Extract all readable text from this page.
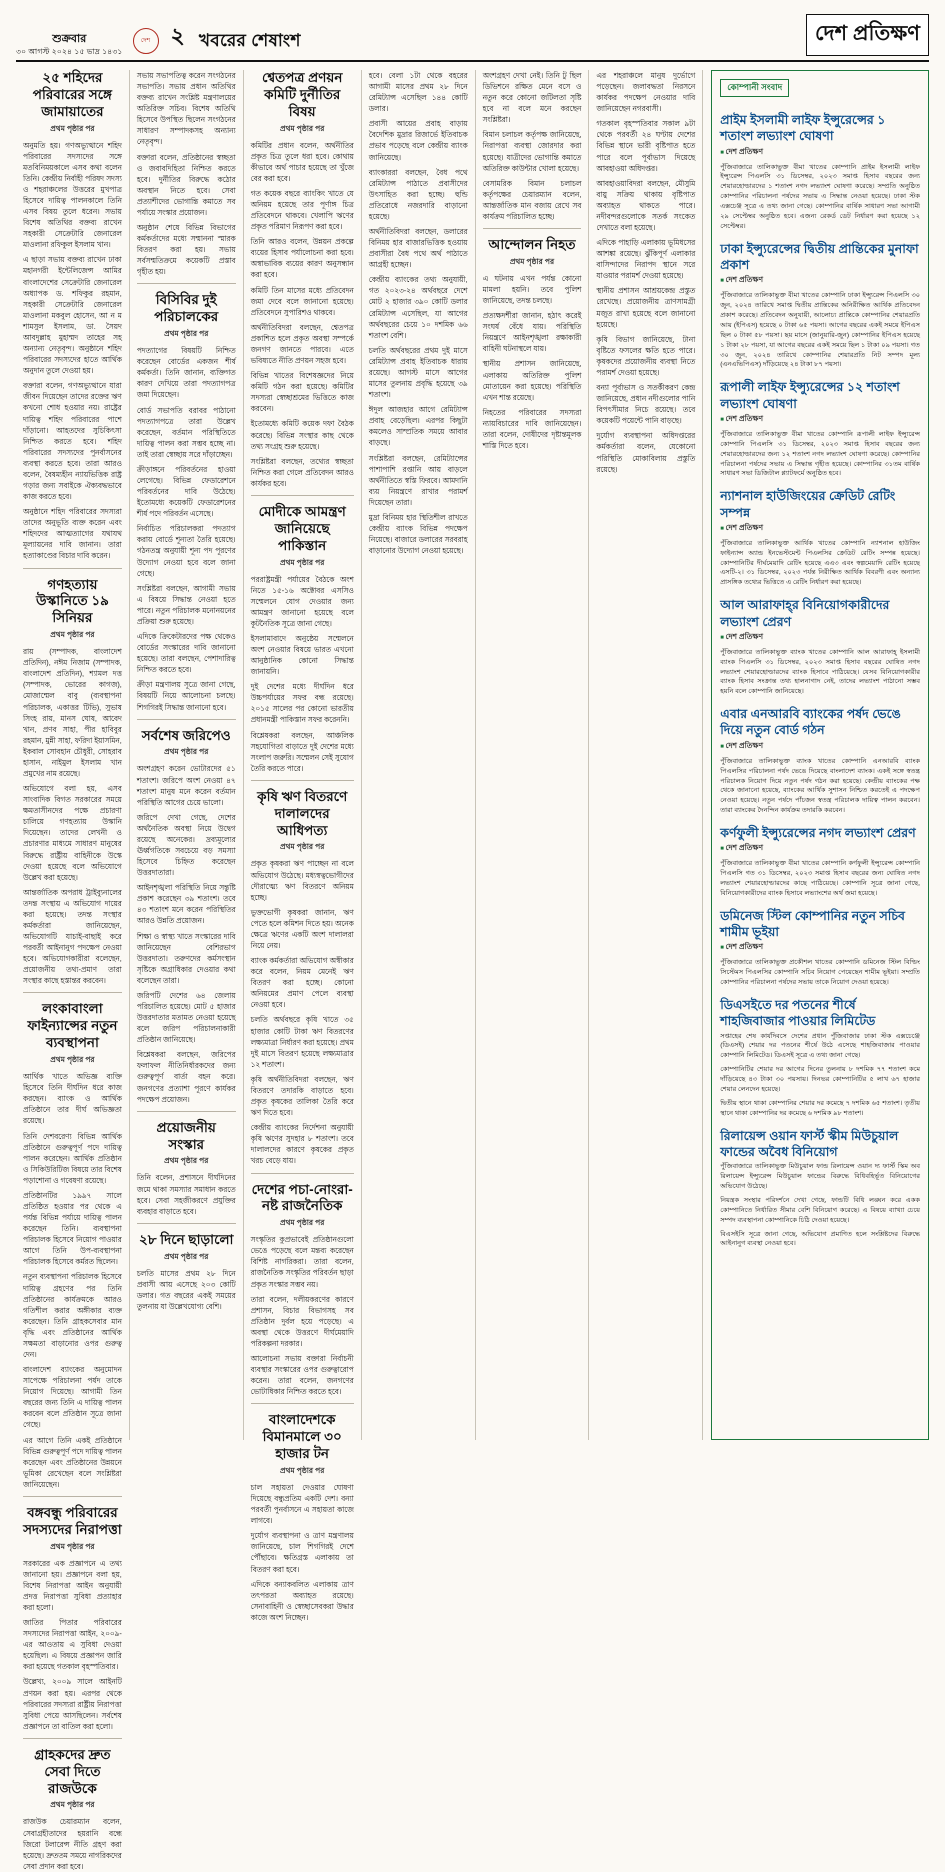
শুক্রবার
৩০ আগস্ট ২০২৪ ১৫ ভাদ্র ১৪৩১
দেশ ২ খবরের শেষাংশ	দেশ প্রতিক্ষণ
২৫ শহিদের পরিবারের সঙ্গে জামায়াতের
প্রথম পৃষ্ঠার পর

অনুমতি হয়। গণঅভ্যুত্থানে শহিদ পরিবারের সদস্যদের সঙ্গে মতবিনিময়কালে এসব কথা বলেন তিনি। কেন্দ্রীয় নির্বাহী পরিষদ সদস্য ও শহরাঞ্চলের উত্তরের মুখপাত্র হিসেবে দায়িত্ব পালনকালে তিনি এসব বিষয় তুলে ধরেন। সভায় বিশেষ অতিথির বক্তব্য রাখেন সহকারী সেক্রেটারি জেনারেল মাওলানা রফিকুল ইসলাম খান।

এ ছাড়া সভায় বক্তব্য রাখেন ঢাকা মহানগরী ইন্টেলিজেন্স আমির বাংলাদেশের সেক্রেটারি জেনারেল অধ্যাপক ড. শফিকুর রহমান, সহকারী সেক্রেটারি জেনারেল মাওলানা মকবুল হোসেন, আ ন ম শামসুল ইসলাম, ডা. সৈয়দ আবদুল্লাহ মুহাম্মদ তাহের সহ অন্যান্য নেতৃবৃন্দ। অনুষ্ঠানে শহিদ পরিবারের সদস্যদের হাতে আর্থিক অনুদান তুলে দেওয়া হয়।

বক্তারা বলেন, গণঅভ্যুত্থানে যারা জীবন দিয়েছেন তাদের রক্তের ঋণ কখনো শোধ হওয়ার নয়। রাষ্ট্রের দায়িত্ব শহিদ পরিবারের পাশে দাঁড়ানো। আহতদের সুচিকিৎসা নিশ্চিত করতে হবে। শহিদ পরিবারের সদস্যদের পুনর্বাসনের ব্যবস্থা করতে হবে। তারা আরও বলেন, বৈষম্যহীন ন্যায়ভিত্তিক রাষ্ট্র গড়ার জন্য সবাইকে ঐক্যবদ্ধভাবে কাজ করতে হবে।

অনুষ্ঠানে শহিদ পরিবারের সদস্যরা তাদের অনুভূতি ব্যক্ত করেন এবং শহিদদের আত্মত্যাগের যথাযথ মূল্যায়নের দাবি জানান। তারা হত্যাকাণ্ডের বিচার দাবি করেন।

গণহত্যায় উস্কানিতে ১৯ সিনিয়র
প্রথম পৃষ্ঠার পর

রায় (সম্পাদক, বাংলাদেশ প্রতিদিন), নঈম নিজাম (সম্পাদক, বাংলাদেশ প্রতিদিন), শ্যামল দত্ত (সম্পাদক, ভোরের কাগজ), মোজাম্মেল বাবু (ব্যবস্থাপনা পরিচালক, একাত্তর টিভি), সুভাষ সিংহ রায়, মানস ঘোষ, আবেদ খান, প্রণব সাহা, পীর হাবিবুর রহমান, মুন্নী সাহা, ফরিদা ইয়াসমিন, ইকবাল সোবহান চৌধুরী, সোহরাব হাসান, নাইমুল ইসলাম খান প্রমুখের নাম রয়েছে।

অভিযোগে বলা হয়, এসব সাংবাদিক বিগত সরকারের সময়ে ক্ষমতাসীনদের পক্ষে প্রচারণা চালিয়ে গণহত্যায় উস্কানি দিয়েছেন। তাদের লেখনী ও প্রচারণার মাধ্যমে সাধারণ মানুষের বিরুদ্ধে রাষ্ট্রীয় বাহিনীকে উস্কে দেওয়া হয়েছে বলে অভিযোগে উল্লেখ করা হয়েছে।

আন্তর্জাতিক অপরাধ ট্রাইব্যুনালের তদন্ত সংস্থায় এ অভিযোগ দায়ের করা হয়েছে। তদন্ত সংস্থার কর্মকর্তারা জানিয়েছেন, অভিযোগটি যাচাই-বাছাই করে পরবর্তী আইনানুগ পদক্ষেপ নেওয়া হবে। অভিযোগকারীরা বলেছেন, প্রয়োজনীয় তথ্য-প্রমাণ তারা সংস্থার কাছে হস্তান্তর করবেন।

লংকাবাংলা ফাইন্যান্সের নতুন ব্যবস্থাপনা
প্রথম পৃষ্ঠার পর

আর্থিক খাতে অভিজ্ঞ ব্যক্তি হিসেবে তিনি দীর্ঘদিন ধরে কাজ করছেন। ব্যাংক ও আর্থিক প্রতিষ্ঠানে তার দীর্ঘ অভিজ্ঞতা রয়েছে।

তিনি দেশবরেণ্য বিভিন্ন আর্থিক প্রতিষ্ঠানে গুরুত্বপূর্ণ পদে দায়িত্ব পালন করেছেন। আর্থিক প্রতিষ্ঠান ও সিকিউরিটিজ বিষয়ে তার বিশেষ পড়াশোনা ও গবেষণা রয়েছে।

প্রতিষ্ঠানটির ১৯৯৭ সালে প্রতিষ্ঠিত হওয়ার পর থেকে এ পর্যন্ত বিভিন্ন পর্যায়ে দায়িত্ব পালন করেছেন তিনি। ব্যবস্থাপনা পরিচালক হিসেবে নিয়োগ পাওয়ার আগে তিনি উপ-ব্যবস্থাপনা পরিচালক হিসেবে কর্মরত ছিলেন।

নতুন ব্যবস্থাপনা পরিচালক হিসেবে দায়িত্ব গ্রহণের পর তিনি প্রতিষ্ঠানের কার্যক্রমকে আরও গতিশীল করার অঙ্গীকার ব্যক্ত করেছেন। তিনি গ্রাহকসেবার মান বৃদ্ধি এবং প্রতিষ্ঠানের আর্থিক সক্ষমতা বাড়ানোর ওপর গুরুত্ব দেন।

বাংলাদেশ ব্যাংকের অনুমোদন সাপেক্ষে পরিচালনা পর্ষদ তাকে নিয়োগ দিয়েছে। আগামী তিন বছরের জন্য তিনি এ দায়িত্ব পালন করবেন বলে প্রতিষ্ঠান সূত্রে জানা গেছে।

এর আগে তিনি একই প্রতিষ্ঠানে বিভিন্ন গুরুত্বপূর্ণ পদে দায়িত্ব পালন করেছেন এবং প্রতিষ্ঠানের উন্নয়নে ভূমিকা রেখেছেন বলে সংশ্লিষ্টরা জানিয়েছেন।

বঙ্গবন্ধু পরিবারের সদস্যদের নিরাপত্তা
প্রথম পৃষ্ঠার পর

সরকারের এক প্রজ্ঞাপনে এ তথ্য জানানো হয়। প্রজ্ঞাপনে বলা হয়, বিশেষ নিরাপত্তা আইন অনুযায়ী প্রদত্ত নিরাপত্তা সুবিধা প্রত্যাহার করা হলো।

জাতির পিতার পরিবারের সদস্যদের নিরাপত্তা আইন, ২০০৯-এর আওতায় এ সুবিধা দেওয়া হয়েছিল। এ বিষয়ে প্রজ্ঞাপন জারি করা হয়েছে গতকাল বৃহস্পতিবার।

উল্লেখ্য, ২০০৯ সালে আইনটি প্রণয়ন করা হয়। এরপর থেকে পরিবারের সদস্যরা রাষ্ট্রীয় নিরাপত্তা সুবিধা পেয়ে আসছিলেন। সর্বশেষ প্রজ্ঞাপনে তা বাতিল করা হলো।

গ্রাহকদের দ্রুত সেবা দিতে রাজউকে
প্রথম পৃষ্ঠার পর

রাজউক চেয়ারম্যান বলেন, সেবাগ্রহীতাদের হয়রানি বন্ধে জিরো টলারেন্স নীতি গ্রহণ করা হয়েছে। দ্রুততম সময়ে নাগরিকদের সেবা প্রদান করা হবে।

সভায় সভাপতিত্ব করেন সংগঠনের সভাপতি। সভায় প্রধান অতিথির বক্তব্য রাখেন সংশ্লিষ্ট মন্ত্রণালয়ের অতিরিক্ত সচিব। বিশেষ অতিথি হিসেবে উপস্থিত ছিলেন সংগঠনের সাধারণ সম্পাদকসহ অন্যান্য নেতৃবৃন্দ।

বক্তারা বলেন, প্রতিষ্ঠানের স্বচ্ছতা ও জবাবদিহিতা নিশ্চিত করতে হবে। দুর্নীতির বিরুদ্ধে কঠোর অবস্থান নিতে হবে। সেবা প্রত্যাশীদের ভোগান্তি কমাতে সব পর্যায়ে সংস্কার প্রয়োজন।

অনুষ্ঠান শেষে বিভিন্ন বিভাগের কর্মকর্তাদের মধ্যে সম্মাননা স্মারক বিতরণ করা হয়। সভায় সর্বসম্মতিক্রমে কয়েকটি প্রস্তাব গৃহীত হয়।

বিসিবির দুই পরিচালকের
প্রথম পৃষ্ঠার পর

পদত্যাগের বিষয়টি নিশ্চিত করেছেন বোর্ডের একজন শীর্ষ কর্মকর্তা। তিনি জানান, ব্যক্তিগত কারণ দেখিয়ে তারা পদত্যাগপত্র জমা দিয়েছেন।

বোর্ড সভাপতি বরাবর পাঠানো পদত্যাগপত্রে তারা উল্লেখ করেছেন, বর্তমান পরিস্থিতিতে দায়িত্ব পালন করা সম্ভব হচ্ছে না। তাই তারা স্বেচ্ছায় সরে দাঁড়াচ্ছেন।

ক্রীড়াঙ্গনে পরিবর্তনের হাওয়া লেগেছে। বিভিন্ন ফেডারেশনে পরিবর্তনের দাবি উঠেছে। ইতোমধ্যে কয়েকটি ফেডারেশনের শীর্ষ পদে পরিবর্তন এসেছে।

নির্বাচিত পরিচালকরা পদত্যাগ করায় বোর্ডে শূন্যতা তৈরি হয়েছে। গঠনতন্ত্র অনুযায়ী শূন্য পদ পূরণের উদ্যোগ নেওয়া হবে বলে জানা গেছে।

সংশ্লিষ্টরা বলছেন, আগামী সভায় এ বিষয়ে সিদ্ধান্ত নেওয়া হতে পারে। নতুন পরিচালক মনোনয়নের প্রক্রিয়া শুরু হয়েছে।

এদিকে ক্রিকেটারদের পক্ষ থেকেও বোর্ডের সংস্কারের দাবি জানানো হয়েছে। তারা বলছেন, পেশাদারিত্ব নিশ্চিত করতে হবে।

ক্রীড়া মন্ত্রণালয় সূত্রে জানা গেছে, বিষয়টি নিয়ে আলোচনা চলছে। শিগগিরই সিদ্ধান্ত জানানো হবে।

সর্বশেষ জরিপেও
প্রথম পৃষ্ঠার পর

অংশগ্রহণ করেন ভোটারদের ৫১ শতাংশ। জরিপে অংশ নেওয়া ৪৭ শতাংশ মানুষ মনে করেন বর্তমান পরিস্থিতি আগের চেয়ে ভালো।

জরিপে দেখা গেছে, দেশের অর্থনৈতিক অবস্থা নিয়ে উদ্বেগ রয়েছে অনেকের। দ্রব্যমূল্যের ঊর্ধ্বগতিকে সবচেয়ে বড় সমস্যা হিসেবে চিহ্নিত করেছেন উত্তরদাতারা।

আইনশৃঙ্খলা পরিস্থিতি নিয়ে সন্তুষ্টি প্রকাশ করেছেন ৩৯ শতাংশ। তবে ৪৩ শতাংশ মনে করেন পরিস্থিতির আরও উন্নতি প্রয়োজন।

শিক্ষা ও স্বাস্থ্য খাতে সংস্কারের দাবি জানিয়েছেন বেশিরভাগ উত্তরদাতা। তরুণদের কর্মসংস্থান সৃষ্টিকে অগ্রাধিকার দেওয়ার কথা বলেছেন তারা।

জরিপটি দেশের ৬৪ জেলায় পরিচালিত হয়েছে। মোট ৫ হাজার উত্তরদাতার মতামত নেওয়া হয়েছে বলে জরিপ পরিচালনাকারী প্রতিষ্ঠান জানিয়েছে।

বিশ্লেষকরা বলছেন, জরিপের ফলাফল নীতিনির্ধারকদের জন্য গুরুত্বপূর্ণ বার্তা বহন করে। জনগণের প্রত্যাশা পূরণে কার্যকর পদক্ষেপ প্রয়োজন।

প্রয়োজনীয় সংস্কার
প্রথম পৃষ্ঠার পর

তিনি বলেন, প্রশাসনে দীর্ঘদিনের জমে থাকা সমস্যার সমাধান করতে হবে। সেবা সহজীকরণে প্রযুক্তির ব্যবহার বাড়াতে হবে।

২৮ দিনে ছাড়ালো
প্রথম পৃষ্ঠার পর

চলতি মাসের প্রথম ২৮ দিনে প্রবাসী আয় এসেছে ২০৩ কোটি ডলার। গত বছরের একই সময়ের তুলনায় যা উল্লেখযোগ্য বেশি।

শ্বেতপত্র প্রণয়ন কমিটি দুর্নীতির বিষয়
প্রথম পৃষ্ঠার পর

কমিটির প্রধান বলেন, অর্থনীতির প্রকৃত চিত্র তুলে ধরা হবে। কোথায় কীভাবে অর্থ পাচার হয়েছে তা খুঁজে বের করা হবে।

গত কয়েক বছরে ব্যাংকিং খাতে যে অনিয়ম হয়েছে তার পূর্ণাঙ্গ চিত্র প্রতিবেদনে থাকবে। খেলাপি ঋণের প্রকৃত পরিমাণ নিরূপণ করা হবে।

তিনি আরও বলেন, উন্নয়ন প্রকল্পে ব্যয়ের হিসাব পর্যালোচনা করা হবে। অস্বাভাবিক ব্যয়ের কারণ অনুসন্ধান করা হবে।

কমিটি তিন মাসের মধ্যে প্রতিবেদন জমা দেবে বলে জানানো হয়েছে। প্রতিবেদনে সুপারিশও থাকবে।

অর্থনীতিবিদরা বলছেন, শ্বেতপত্র প্রকাশিত হলে প্রকৃত অবস্থা সম্পর্কে জনগণ জানতে পারবে। এতে ভবিষ্যতে নীতি প্রণয়ন সহজ হবে।

বিভিন্ন খাতের বিশেষজ্ঞদের নিয়ে কমিটি গঠন করা হয়েছে। কমিটির সদস্যরা স্বেচ্ছাশ্রমের ভিত্তিতে কাজ করবেন।

ইতোমধ্যে কমিটি কয়েক দফা বৈঠক করেছে। বিভিন্ন সংস্থার কাছ থেকে তথ্য সংগ্রহ শুরু হয়েছে।

সংশ্লিষ্টরা বলছেন, তথ্যের স্বচ্ছতা নিশ্চিত করা গেলে প্রতিবেদন আরও কার্যকর হবে।

মোদীকে আমন্ত্রণ জানিয়েছে পাকিস্তান
প্রথম পৃষ্ঠার পর

পররাষ্ট্রমন্ত্রী পর্যায়ের বৈঠকে অংশ নিতে ১৫-১৬ অক্টোবর এসসিও সম্মেলনে যোগ দেওয়ার জন্য আমন্ত্রণ জানানো হয়েছে বলে কূটনৈতিক সূত্রে জানা গেছে।

ইসলামাবাদে অনুষ্ঠেয় সম্মেলনে অংশ নেওয়ার বিষয়ে ভারত এখনো আনুষ্ঠানিক কোনো সিদ্ধান্ত জানায়নি।

দুই দেশের মধ্যে দীর্ঘদিন ধরে উচ্চপর্যায়ের সফর বন্ধ রয়েছে। ২০১৫ সালের পর কোনো ভারতীয় প্রধানমন্ত্রী পাকিস্তান সফর করেননি।

বিশ্লেষকরা বলছেন, আঞ্চলিক সহযোগিতা বাড়াতে দুই দেশের মধ্যে সংলাপ জরুরি। সম্মেলন সেই সুযোগ তৈরি করতে পারে।

কৃষি ঋণ বিতরণে দালালদের আধিপত্য
প্রথম পৃষ্ঠার পর

প্রকৃত কৃষকরা ঋণ পাচ্ছেন না বলে অভিযোগ উঠেছে। মধ্যস্বত্বভোগীদের দৌরাত্ম্যে ঋণ বিতরণে অনিয়ম হচ্ছে।

ভুক্তভোগী কৃষকরা জানান, ঋণ পেতে হলে কমিশন দিতে হয়। অনেক ক্ষেত্রে ঋণের একটি অংশ দালালরা নিয়ে নেয়।

ব্যাংক কর্মকর্তারা অভিযোগ অস্বীকার করে বলেন, নিয়ম মেনেই ঋণ বিতরণ করা হচ্ছে। কোনো অনিয়মের প্রমাণ পেলে ব্যবস্থা নেওয়া হবে।

চলতি অর্থবছরে কৃষি খাতে ৩৫ হাজার কোটি টাকা ঋণ বিতরণের লক্ষ্যমাত্রা নির্ধারণ করা হয়েছে। প্রথম দুই মাসে বিতরণ হয়েছে লক্ষ্যমাত্রার ১২ শতাংশ।

কৃষি অর্থনীতিবিদরা বলছেন, ঋণ বিতরণে তদারকি বাড়াতে হবে। প্রকৃত কৃষকের তালিকা তৈরি করে ঋণ দিতে হবে।

কেন্দ্রীয় ব্যাংকের নির্দেশনা অনুযায়ী কৃষি ঋণের সুদহার ৮ শতাংশ। তবে দালালদের কারণে কৃষকের প্রকৃত খরচ বেড়ে যায়।

দেশের পচা-নোংরা-নষ্ট রাজনৈতিক
প্রথম পৃষ্ঠার পর

সংস্কৃতির কুপ্রভাবেই প্রতিষ্ঠানগুলো ভেঙে পড়েছে বলে মন্তব্য করেছেন বিশিষ্ট নাগরিকরা। তারা বলেন, রাজনৈতিক সংস্কৃতির পরিবর্তন ছাড়া প্রকৃত সংস্কার সম্ভব নয়।

তারা বলেন, দলীয়করণের কারণে প্রশাসন, বিচার বিভাগসহ সব প্রতিষ্ঠান দুর্বল হয়ে পড়েছে। এ অবস্থা থেকে উত্তরণে দীর্ঘমেয়াদি পরিকল্পনা দরকার।

আলোচনা সভায় বক্তারা নির্বাচনী ব্যবস্থার সংস্কারের ওপর গুরুত্বারোপ করেন। তারা বলেন, জনগণের ভোটাধিকার নিশ্চিত করতে হবে।

বাংলাদেশকে বিমানমালে ৩০ হাজার টন
প্রথম পৃষ্ঠার পর

চাল সহায়তা দেওয়ার ঘোষণা দিয়েছে বন্ধুপ্রতিম একটি দেশ। বন্যা পরবর্তী পুনর্বাসনে এ সহায়তা কাজে লাগবে।

দুর্যোগ ব্যবস্থাপনা ও ত্রাণ মন্ত্রণালয় জানিয়েছে, চাল শিগগিরই দেশে পৌঁছাবে। ক্ষতিগ্রস্ত এলাকায় তা বিতরণ করা হবে।

এদিকে বন্যাকবলিত এলাকায় ত্রাণ তৎপরতা অব্যাহত রয়েছে। সেনাবাহিনী ও স্বেচ্ছাসেবকরা উদ্ধার কাজে অংশ নিচ্ছেন।

হবে। বেলা ১টা থেকে বহরের আগামী মাসের প্রথম ২৮ দিনে রেমিট্যান্স এসেছিল ১৪৪ কোটি ডলার।

প্রবাসী আয়ের প্রবাহ বাড়ায় বৈদেশিক মুদ্রার রিজার্ভে ইতিবাচক প্রভাব পড়েছে বলে কেন্দ্রীয় ব্যাংক জানিয়েছে।

ব্যাংকাররা বলছেন, বৈধ পথে রেমিট্যান্স পাঠাতে প্রবাসীদের উৎসাহিত করা হচ্ছে। হুন্ডি প্রতিরোধে নজরদারি বাড়ানো হয়েছে।

অর্থনীতিবিদরা বলছেন, ডলারের বিনিময় হার বাজারভিত্তিক হওয়ায় প্রবাসীরা বৈধ পথে অর্থ পাঠাতে আগ্রহী হচ্ছেন।

কেন্দ্রীয় ব্যাংকের তথ্য অনুযায়ী, গত ২০২৩-২৪ অর্থবছরে দেশে মোট ২ হাজার ৩৯০ কোটি ডলার রেমিট্যান্স এসেছিল, যা আগের অর্থবছরের চেয়ে ১০ দশমিক ৬৬ শতাংশ বেশি।

চলতি অর্থবছরের প্রথম দুই মাসে রেমিট্যান্স প্রবাহ ইতিবাচক ধারায় রয়েছে। আগস্ট মাসে আগের মাসের তুলনায় প্রবৃদ্ধি হয়েছে ৩৯ শতাংশ।

ঈদুল আজহার আগে রেমিট্যান্স প্রবাহ বেড়েছিল। এরপর কিছুটা কমলেও সাম্প্রতিক সময়ে আবার বাড়ছে।

সংশ্লিষ্টরা বলছেন, রেমিট্যান্সের পাশাপাশি রপ্তানি আয় বাড়লে অর্থনীতিতে স্বস্তি ফিরবে। আমদানি ব্যয় নিয়ন্ত্রণে রাখার পরামর্শ দিয়েছেন তারা।

মুদ্রা বিনিময় হার স্থিতিশীল রাখতে কেন্দ্রীয় ব্যাংক বিভিন্ন পদক্ষেপ নিয়েছে। বাজারে ডলারের সরবরাহ বাড়ানোর উদ্যোগ নেওয়া হয়েছে।

অংশগ্রহণ দেখা নেই। তিনি টু ছিল ডিভিশনে রক্ষিত মেনে বসে ও নতুন করে কোনো জটিলতা সৃষ্টি হবে না বলে মনে করছেন সংশ্লিষ্টরা।

বিমান চলাচল কর্তৃপক্ষ জানিয়েছে, নিরাপত্তা ব্যবস্থা জোরদার করা হয়েছে। যাত্রীদের ভোগান্তি কমাতে অতিরিক্ত কাউন্টার খোলা হয়েছে।

বেসামরিক বিমান চলাচল কর্তৃপক্ষের চেয়ারম্যান বলেন, আন্তর্জাতিক মান বজায় রেখে সব কার্যক্রম পরিচালিত হচ্ছে।

আন্দোলন নিহত
প্রথম পৃষ্ঠার পর

এ ঘটনায় এখন পর্যন্ত কোনো মামলা হয়নি। তবে পুলিশ জানিয়েছে, তদন্ত চলছে।

প্রত্যক্ষদর্শীরা জানান, হঠাৎ করেই সংঘর্ষ বেঁধে যায়। পরিস্থিতি নিয়ন্ত্রণে আইনশৃঙ্খলা রক্ষাকারী বাহিনী ঘটনাস্থলে যায়।

স্থানীয় প্রশাসন জানিয়েছে, এলাকায় অতিরিক্ত পুলিশ মোতায়েন করা হয়েছে। পরিস্থিতি এখন শান্ত রয়েছে।

নিহতের পরিবারের সদস্যরা ন্যায়বিচারের দাবি জানিয়েছেন। তারা বলেন, দোষীদের দৃষ্টান্তমূলক শাস্তি দিতে হবে।

এর শহরাঞ্চলে মানুষ দুর্ভোগে পড়েছেন। জলাবদ্ধতা নিরসনে কার্যকর পদক্ষেপ নেওয়ার দাবি জানিয়েছেন নগরবাসী।

গতকাল বৃহস্পতিবার সকাল ৯টা থেকে পরবর্তী ২৪ ঘণ্টায় দেশের বিভিন্ন স্থানে ভারী বৃষ্টিপাত হতে পারে বলে পূর্বাভাস দিয়েছে আবহাওয়া অধিদপ্তর।

আবহাওয়াবিদরা বলছেন, মৌসুমি বায়ু সক্রিয় থাকায় বৃষ্টিপাত অব্যাহত থাকতে পারে। নদীবন্দরগুলোকে সতর্ক সংকেত দেখাতে বলা হয়েছে।

এদিকে পাহাড়ি এলাকায় ভূমিধসের আশঙ্কা রয়েছে। ঝুঁকিপূর্ণ এলাকার বাসিন্দাদের নিরাপদ স্থানে সরে যাওয়ার পরামর্শ দেওয়া হয়েছে।

স্থানীয় প্রশাসন আশ্রয়কেন্দ্র প্রস্তুত রেখেছে। প্রয়োজনীয় ত্রাণসামগ্রী মজুত রাখা হয়েছে বলে জানানো হয়েছে।

কৃষি বিভাগ জানিয়েছে, টানা বৃষ্টিতে ফসলের ক্ষতি হতে পারে। কৃষকদের প্রয়োজনীয় ব্যবস্থা নিতে পরামর্শ দেওয়া হয়েছে।

বন্যা পূর্বাভাস ও সতর্কীকরণ কেন্দ্র জানিয়েছে, প্রধান নদীগুলোর পানি বিপৎসীমার নিচে রয়েছে। তবে কয়েকটি পয়েন্টে পানি বাড়ছে।

দুর্যোগ ব্যবস্থাপনা অধিদপ্তরের কর্মকর্তারা বলেন, যেকোনো পরিস্থিতি মোকাবিলায় প্রস্তুতি রয়েছে।

কোম্পানী সংবাদ
প্রাইম ইসলামী লাইফ ইন্সুরেন্সের ১ শতাংশ লভ্যাংশ ঘোষণা
■ দেশ প্রতিক্ষণ

পুঁজিবাজারে তালিকাভুক্ত বীমা খাতের কোম্পানি প্রাইম ইসলামী লাইফ ইন্স্যুরেন্স পিএলসি ৩১ ডিসেম্বর, ২০২৩ সমাপ্ত হিসাব বছরের জন্য শেয়ারহোল্ডারদের ১ শতাংশ নগদ লভ্যাংশ ঘোষণা করেছে। সম্প্রতি অনুষ্ঠিত কোম্পানির পরিচালনা পর্ষদের সভায় এ সিদ্ধান্ত নেওয়া হয়েছে। ঢাকা স্টক এক্সচেঞ্জ সূত্রে এ তথ্য জানা গেছে। কোম্পানির বার্ষিক সাধারণ সভা আগামী ২৯ সেপ্টেম্বর অনুষ্ঠিত হবে। এজন্য রেকর্ড ডেট নির্ধারণ করা হয়েছে ১২ সেপ্টেম্বর।

ঢাকা ইন্স্যুরেন্সের দ্বিতীয় প্রান্তিকের মুনাফা প্রকাশ
■ দেশ প্রতিক্ষণ

পুঁজিবাজারে তালিকাভুক্ত বীমা খাতের কোম্পানি ঢাকা ইন্স্যুরেন্স পিএলসি ৩০ জুন, ২০২৪ তারিখে সমাপ্ত দ্বিতীয় প্রান্তিকের অনিরীক্ষিত আর্থিক প্রতিবেদন প্রকাশ করেছে। প্রতিবেদন অনুযায়ী, আলোচ্য প্রান্তিকে কোম্পানির শেয়ারপ্রতি আয় (ইপিএস) হয়েছে ০ টাকা ৬৫ পয়সা। আগের বছরের একই সময়ে ইপিএস ছিল ০ টাকা ৫৮ পয়সা। ছয় মাসে (জানুয়ারি-জুন) কোম্পানির ইপিএস হয়েছে ১ টাকা ২৮ পয়সা, যা আগের বছরের একই সময়ে ছিল ১ টাকা ০৯ পয়সা। গত ৩০ জুন, ২০২৪ তারিখে কোম্পানির শেয়ারপ্রতি নিট সম্পদ মূল্য (এনএভিপিএস) দাঁড়িয়েছে ২৪ টাকা ৮৭ পয়সা।

রূপালী লাইফ ইন্স্যুরেন্সের ১২ শতাংশ লভ্যাংশ ঘোষণা
■ দেশ প্রতিক্ষণ

পুঁজিবাজারে তালিকাভুক্ত বীমা খাতের কোম্পানি রূপালী লাইফ ইন্স্যুরেন্স কোম্পানি পিএলসি ৩১ ডিসেম্বর, ২০২৩ সমাপ্ত হিসাব বছরের জন্য শেয়ারহোল্ডারদের জন্য ১২ শতাংশ নগদ লভ্যাংশ ঘোষণা করেছে। কোম্পানির পরিচালনা পর্ষদের সভায় এ সিদ্ধান্ত গৃহীত হয়েছে। কোম্পানির ৩১তম বার্ষিক সাধারণ সভা ডিজিটাল প্ল্যাটফর্মে অনুষ্ঠিত হবে।

ন্যাশনাল হাউজিংয়ের ক্রেডিট রেটিং সম্পন্ন
■ দেশ প্রতিক্ষণ

পুঁজিবাজারে তালিকাভুক্ত আর্থিক খাতের কোম্পানি ন্যাশনাল হাউজিং ফাইন্যান্স অ্যান্ড ইনভেস্টমেন্ট পিএলসির ক্রেডিট রেটিং সম্পন্ন হয়েছে। কোম্পানিটির দীর্ঘমেয়াদি রেটিং হয়েছে এএ৩ এবং স্বল্পমেয়াদি রেটিং হয়েছে এসটি-২। ৩১ ডিসেম্বর, ২০২৩ পর্যন্ত নিরীক্ষিত আর্থিক বিবরণী এবং অন্যান্য প্রাসঙ্গিক তথ্যের ভিত্তিতে এ রেটিং নির্ধারণ করা হয়েছে।

আল আরাফাহ্‌র বিনিয়োগকারীদের লভ্যাংশ প্রেরণ
■ দেশ প্রতিক্ষণ

পুঁজিবাজারে তালিকাভুক্ত ব্যাংক খাতের কোম্পানি আল আরাফাহ্‌ ইসলামী ব্যাংক পিএলসি ৩১ ডিসেম্বর, ২০২৩ সমাপ্ত হিসাব বছরের ঘোষিত নগদ লভ্যাংশ শেয়ারহোল্ডারদের ব্যাংক হিসাবে পাঠিয়েছে। যেসব বিনিয়োগকারীর ব্যাংক হিসাব সংক্রান্ত তথ্য হালনাগাদ নেই, তাদের লভ্যাংশ পাঠানো সম্ভব হয়নি বলে কোম্পানি জানিয়েছে।

এবার এনআরবি ব্যাংকের পর্ষদ ভেঙে দিয়ে নতুন বোর্ড গঠন
■ দেশ প্রতিক্ষণ

পুঁজিবাজারে তালিকাভুক্ত ব্যাংক খাতের কোম্পানি এনআরবি ব্যাংক পিএলসির পরিচালনা পর্ষদ ভেঙে দিয়েছে বাংলাদেশ ব্যাংক। একই সঙ্গে স্বতন্ত্র পরিচালক নিয়োগ দিয়ে নতুন পর্ষদ গঠন করা হয়েছে। কেন্দ্রীয় ব্যাংকের পক্ষ থেকে জানানো হয়েছে, ব্যাংকের আর্থিক সুশাসন নিশ্চিত করতেই এ পদক্ষেপ নেওয়া হয়েছে। নতুন পর্ষদে পাঁচজন স্বতন্ত্র পরিচালক দায়িত্ব পালন করবেন। তারা ব্যাংকের দৈনন্দিন কার্যক্রম তদারকি করবেন।

কর্ণফুলী ইন্স্যুরেন্সের নগদ লভ্যাংশ প্রেরণ
■ দেশ প্রতিক্ষণ

পুঁজিবাজারে তালিকাভুক্ত বীমা খাতের কোম্পানি কর্ণফুলী ইন্স্যুরেন্স কোম্পানি পিএলসি গত ৩১ ডিসেম্বর, ২০২৩ সমাপ্ত হিসাব বছরের জন্য ঘোষিত নগদ লভ্যাংশ শেয়ারহোল্ডারদের কাছে পাঠিয়েছে। কোম্পানি সূত্রে জানা গেছে, বিনিয়োগকারীদের ব্যাংক হিসাবে লভ্যাংশের অর্থ জমা হয়েছে।

ডমিনেজ স্টিল কোম্পানির নতুন সচিব শামীম ভূইয়া
■ দেশ প্রতিক্ষণ

পুঁজিবাজারে তালিকাভুক্ত প্রকৌশল খাতের কোম্পানি ডমিনেজ স্টিল বিল্ডিং সিস্টেমস পিএলসির কোম্পানি সচিব নিয়োগ পেয়েছেন শামীম ভূইয়া। সম্প্রতি কোম্পানির পরিচালনা পর্ষদের সভায় তাকে নিয়োগ দেওয়া হয়েছে।

ডিএসইতে দর পতনের শীর্ষে শাহজিবাজার পাওয়ার লিমিটেড

সপ্তাহের শেষ কার্যদিবসে দেশের প্রধান পুঁজিবাজার ঢাকা স্টক এক্সচেঞ্জে (ডিএসই) শেয়ার দর পতনের শীর্ষে উঠে এসেছে শাহজিবাজার পাওয়ার কোম্পানি লিমিটেড। ডিএসই সূত্রে এ তথ্য জানা গেছে।

কোম্পানিটির শেয়ার দর আগের দিনের তুলনায় ৮ দশমিক ৭৭ শতাংশ কমে দাঁড়িয়েছে ৪৩ টাকা ৩০ পয়সায়। দিনভর কোম্পানিটির ৫ লাখ ৬৭ হাজার শেয়ার লেনদেন হয়েছে।

দ্বিতীয় স্থানে থাকা কোম্পানির শেয়ার দর কমেছে ৭ দশমিক ৬৫ শতাংশ। তৃতীয় স্থানে থাকা কোম্পানির দর কমেছে ৬ দশমিক ৯৮ শতাংশ।

রিলায়েন্স ওয়ান ফার্স্ট স্কীম মিউচুয়াল ফান্ডের অবৈধ বিনিয়োগ

পুঁজিবাজারে তালিকাভুক্ত মিউচুয়াল ফান্ড রিলায়েন্স ওয়ান দ্য ফার্স্ট স্কিম অব রিলায়েন্স ইন্স্যুরেন্স মিউচুয়াল ফান্ডের বিরুদ্ধে বিধিবহির্ভূত বিনিয়োগের অভিযোগ উঠেছে।

নিয়ন্ত্রক সংস্থার পরিদর্শনে দেখা গেছে, ফান্ডটি বিধি লঙ্ঘন করে একক কোম্পানিতে নির্ধারিত সীমার বেশি বিনিয়োগ করেছে। এ বিষয়ে ব্যাখ্যা চেয়ে সম্পদ ব্যবস্থাপনা কোম্পানিকে চিঠি দেওয়া হয়েছে।

বিএসইসি সূত্রে জানা গেছে, অভিযোগ প্রমাণিত হলে সংশ্লিষ্টদের বিরুদ্ধে আইনানুগ ব্যবস্থা নেওয়া হবে।
